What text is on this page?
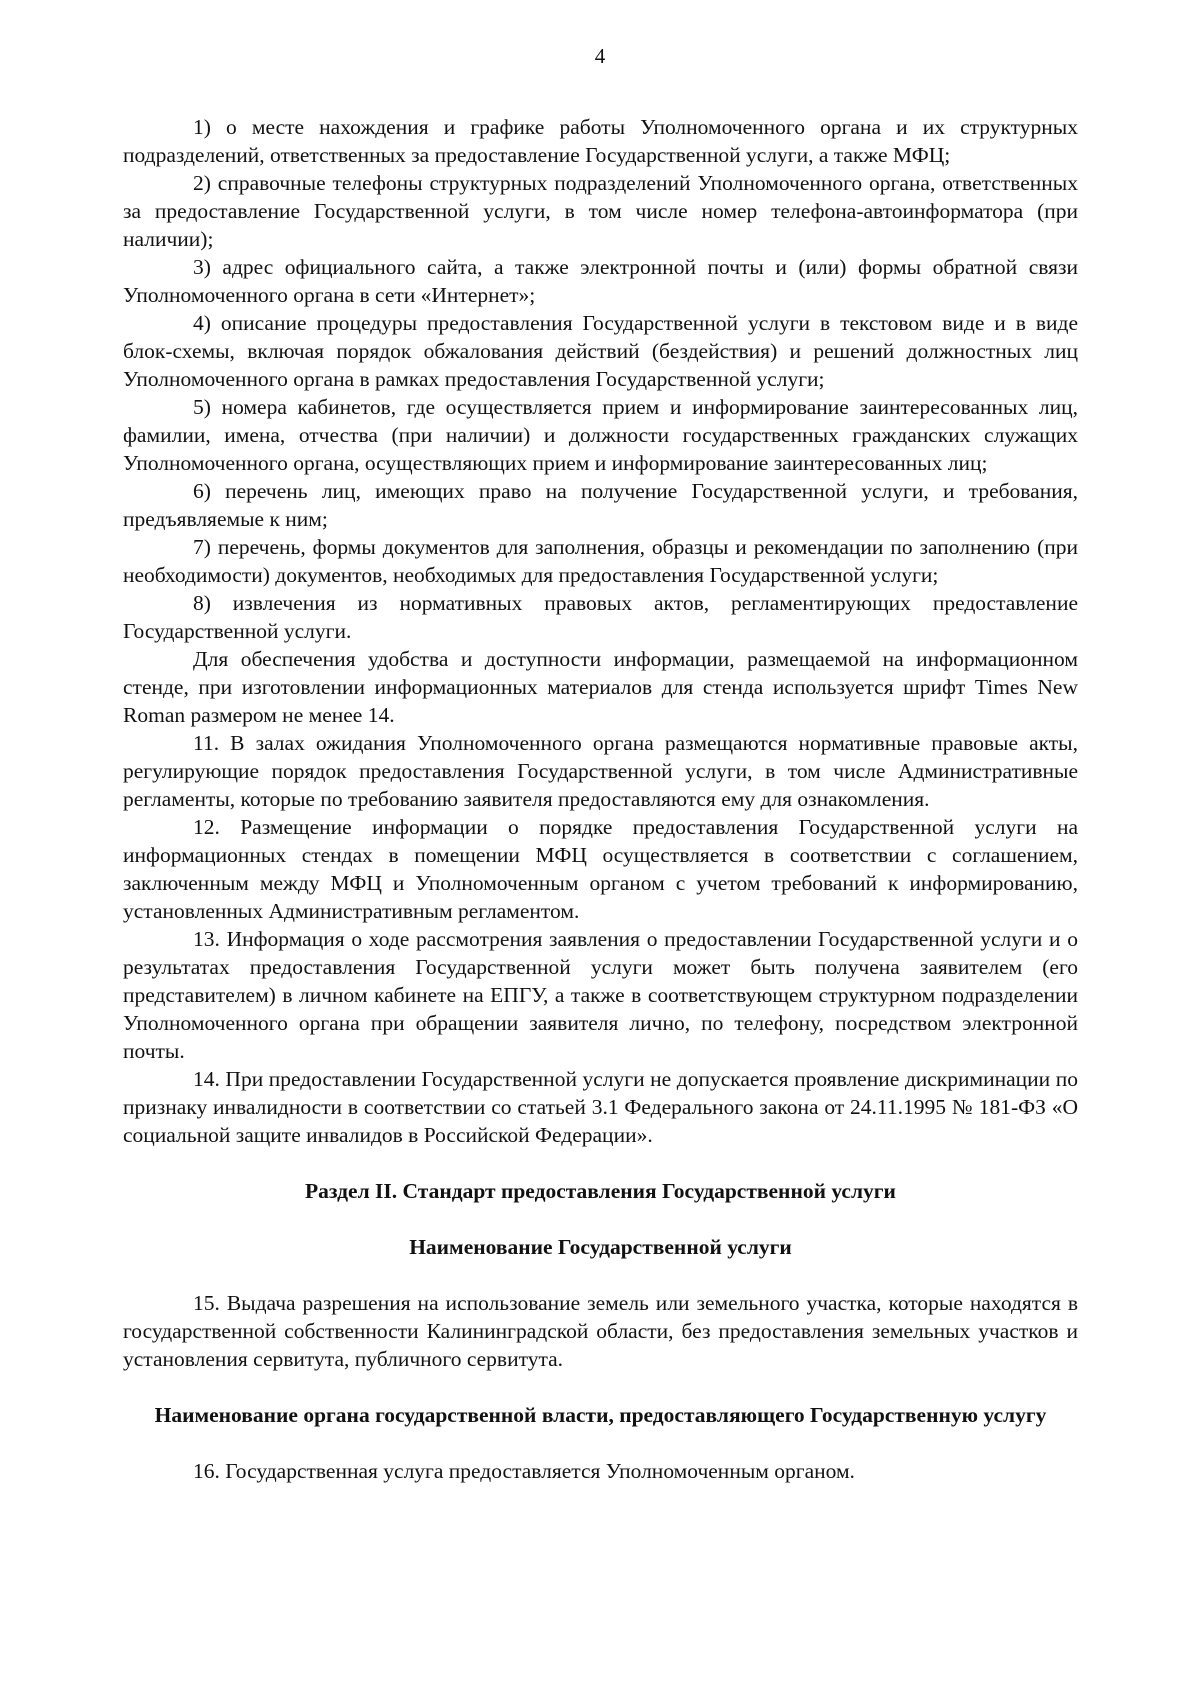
4

1) о месте нахождения и графике работы Уполномоченного органа и их структурных подразделений, ответственных за предоставление Государственной услуги, а также МФЦ;

2) справочные телефоны структурных подразделений Уполномоченного органа, ответственных за предоставление Государственной услуги, в том числе номер телефона-автоинформатора (при наличии);

3) адрес официального сайта, а также электронной почты и (или) формы обратной связи Уполномоченного органа в сети «Интернет»;

4) описание процедуры предоставления Государственной услуги в текстовом виде и в виде блок-схемы, включая порядок обжалования действий (бездействия) и решений должностных лиц Уполномоченного органа в рамках предоставления Государственной услуги;

5) номера кабинетов, где осуществляется прием и информирование заинтересованных лиц, фамилии, имена, отчества (при наличии) и должности государственных гражданских служащих Уполномоченного органа, осуществляющих прием и информирование заинтересованных лиц;

6) перечень лиц, имеющих право на получение Государственной услуги, и требования, предъявляемые к ним;

7) перечень, формы документов для заполнения, образцы и рекомендации по заполнению (при необходимости) документов, необходимых для предоставления Государственной услуги;

8) извлечения из нормативных правовых актов, регламентирующих предоставление Государственной услуги.

Для обеспечения удобства и доступности информации, размещаемой на информационном стенде, при изготовлении информационных материалов для стенда используется шрифт Times New Roman размером не менее 14.

11. В залах ожидания Уполномоченного органа размещаются нормативные правовые акты, регулирующие порядок предоставления Государственной услуги, в том числе Административные регламенты, которые по требованию заявителя предоставляются ему для ознакомления.

12. Размещение информации о порядке предоставления Государственной услуги на информационных стендах в помещении МФЦ осуществляется в соответствии с соглашением, заключенным между МФЦ и Уполномоченным органом с учетом требований к информированию, установленных Административным регламентом.

13. Информация о ходе рассмотрения заявления о предоставлении Государственной услуги и о результатах предоставления Государственной услуги может быть получена заявителем (его представителем) в личном кабинете на ЕПГУ, а также в соответствующем структурном подразделении Уполномоченного органа при обращении заявителя лично, по телефону, посредством электронной почты.

14. При предоставлении Государственной услуги не допускается проявление дискриминации по признаку инвалидности в соответствии со статьей 3.1 Федерального закона от 24.11.1995 № 181-ФЗ «О социальной защите инвалидов в Российской Федерации».

Раздел II. Стандарт предоставления Государственной услуги
Наименование Государственной услуги

15. Выдача разрешения на использование земель или земельного участка, которые находятся в государственной собственности Калининградской области, без предоставления земельных участков и установления сервитута, публичного сервитута.

Наименование органа государственной власти, предоставляющего Государственную услугу

16. Государственная услуга предоставляется Уполномоченным органом.
